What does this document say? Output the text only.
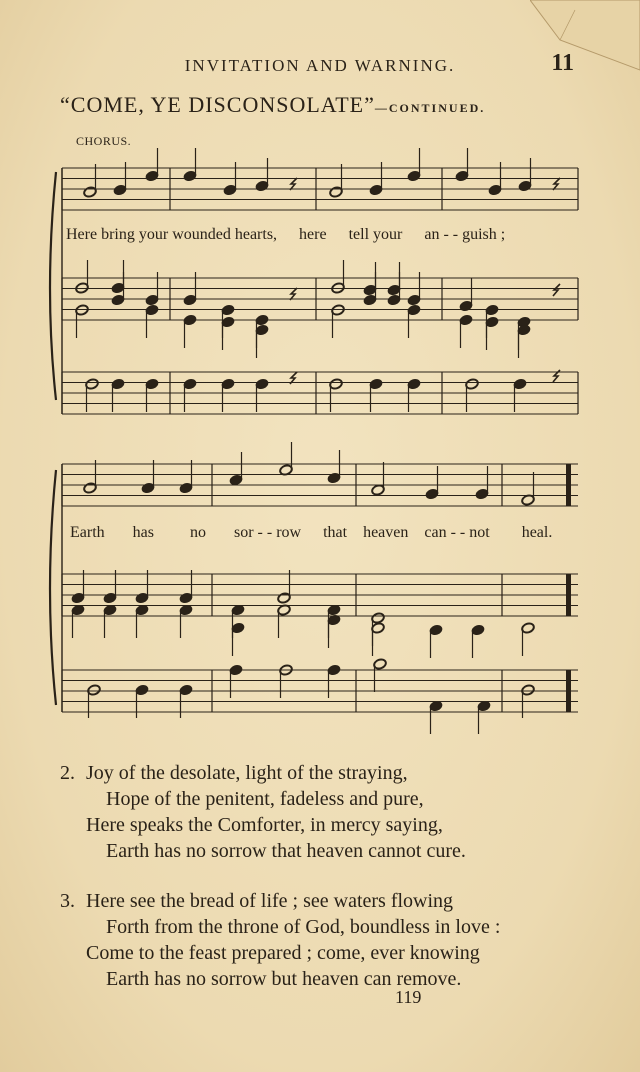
INVITATION AND WARNING.	11
“COME, YE DISCONSOLATE”—CONTINUED.
CHORUS.
Here bring your wounded hearts, here tell your an - - guish ;
Earth has no sor - - row that heaven can - - not heal.
2. Joy of the desolate, light of the straying,
Hope of the penitent, fadeless and pure,
Here speaks the Comforter, in mercy saying,
Earth has no sorrow that heaven cannot cure.
3. Here see the bread of life ; see waters flowing
Forth from the throne of God, boundless in love :
Come to the feast prepared ; come, ever knowing
Earth has no sorrow but heaven can remove.
119
